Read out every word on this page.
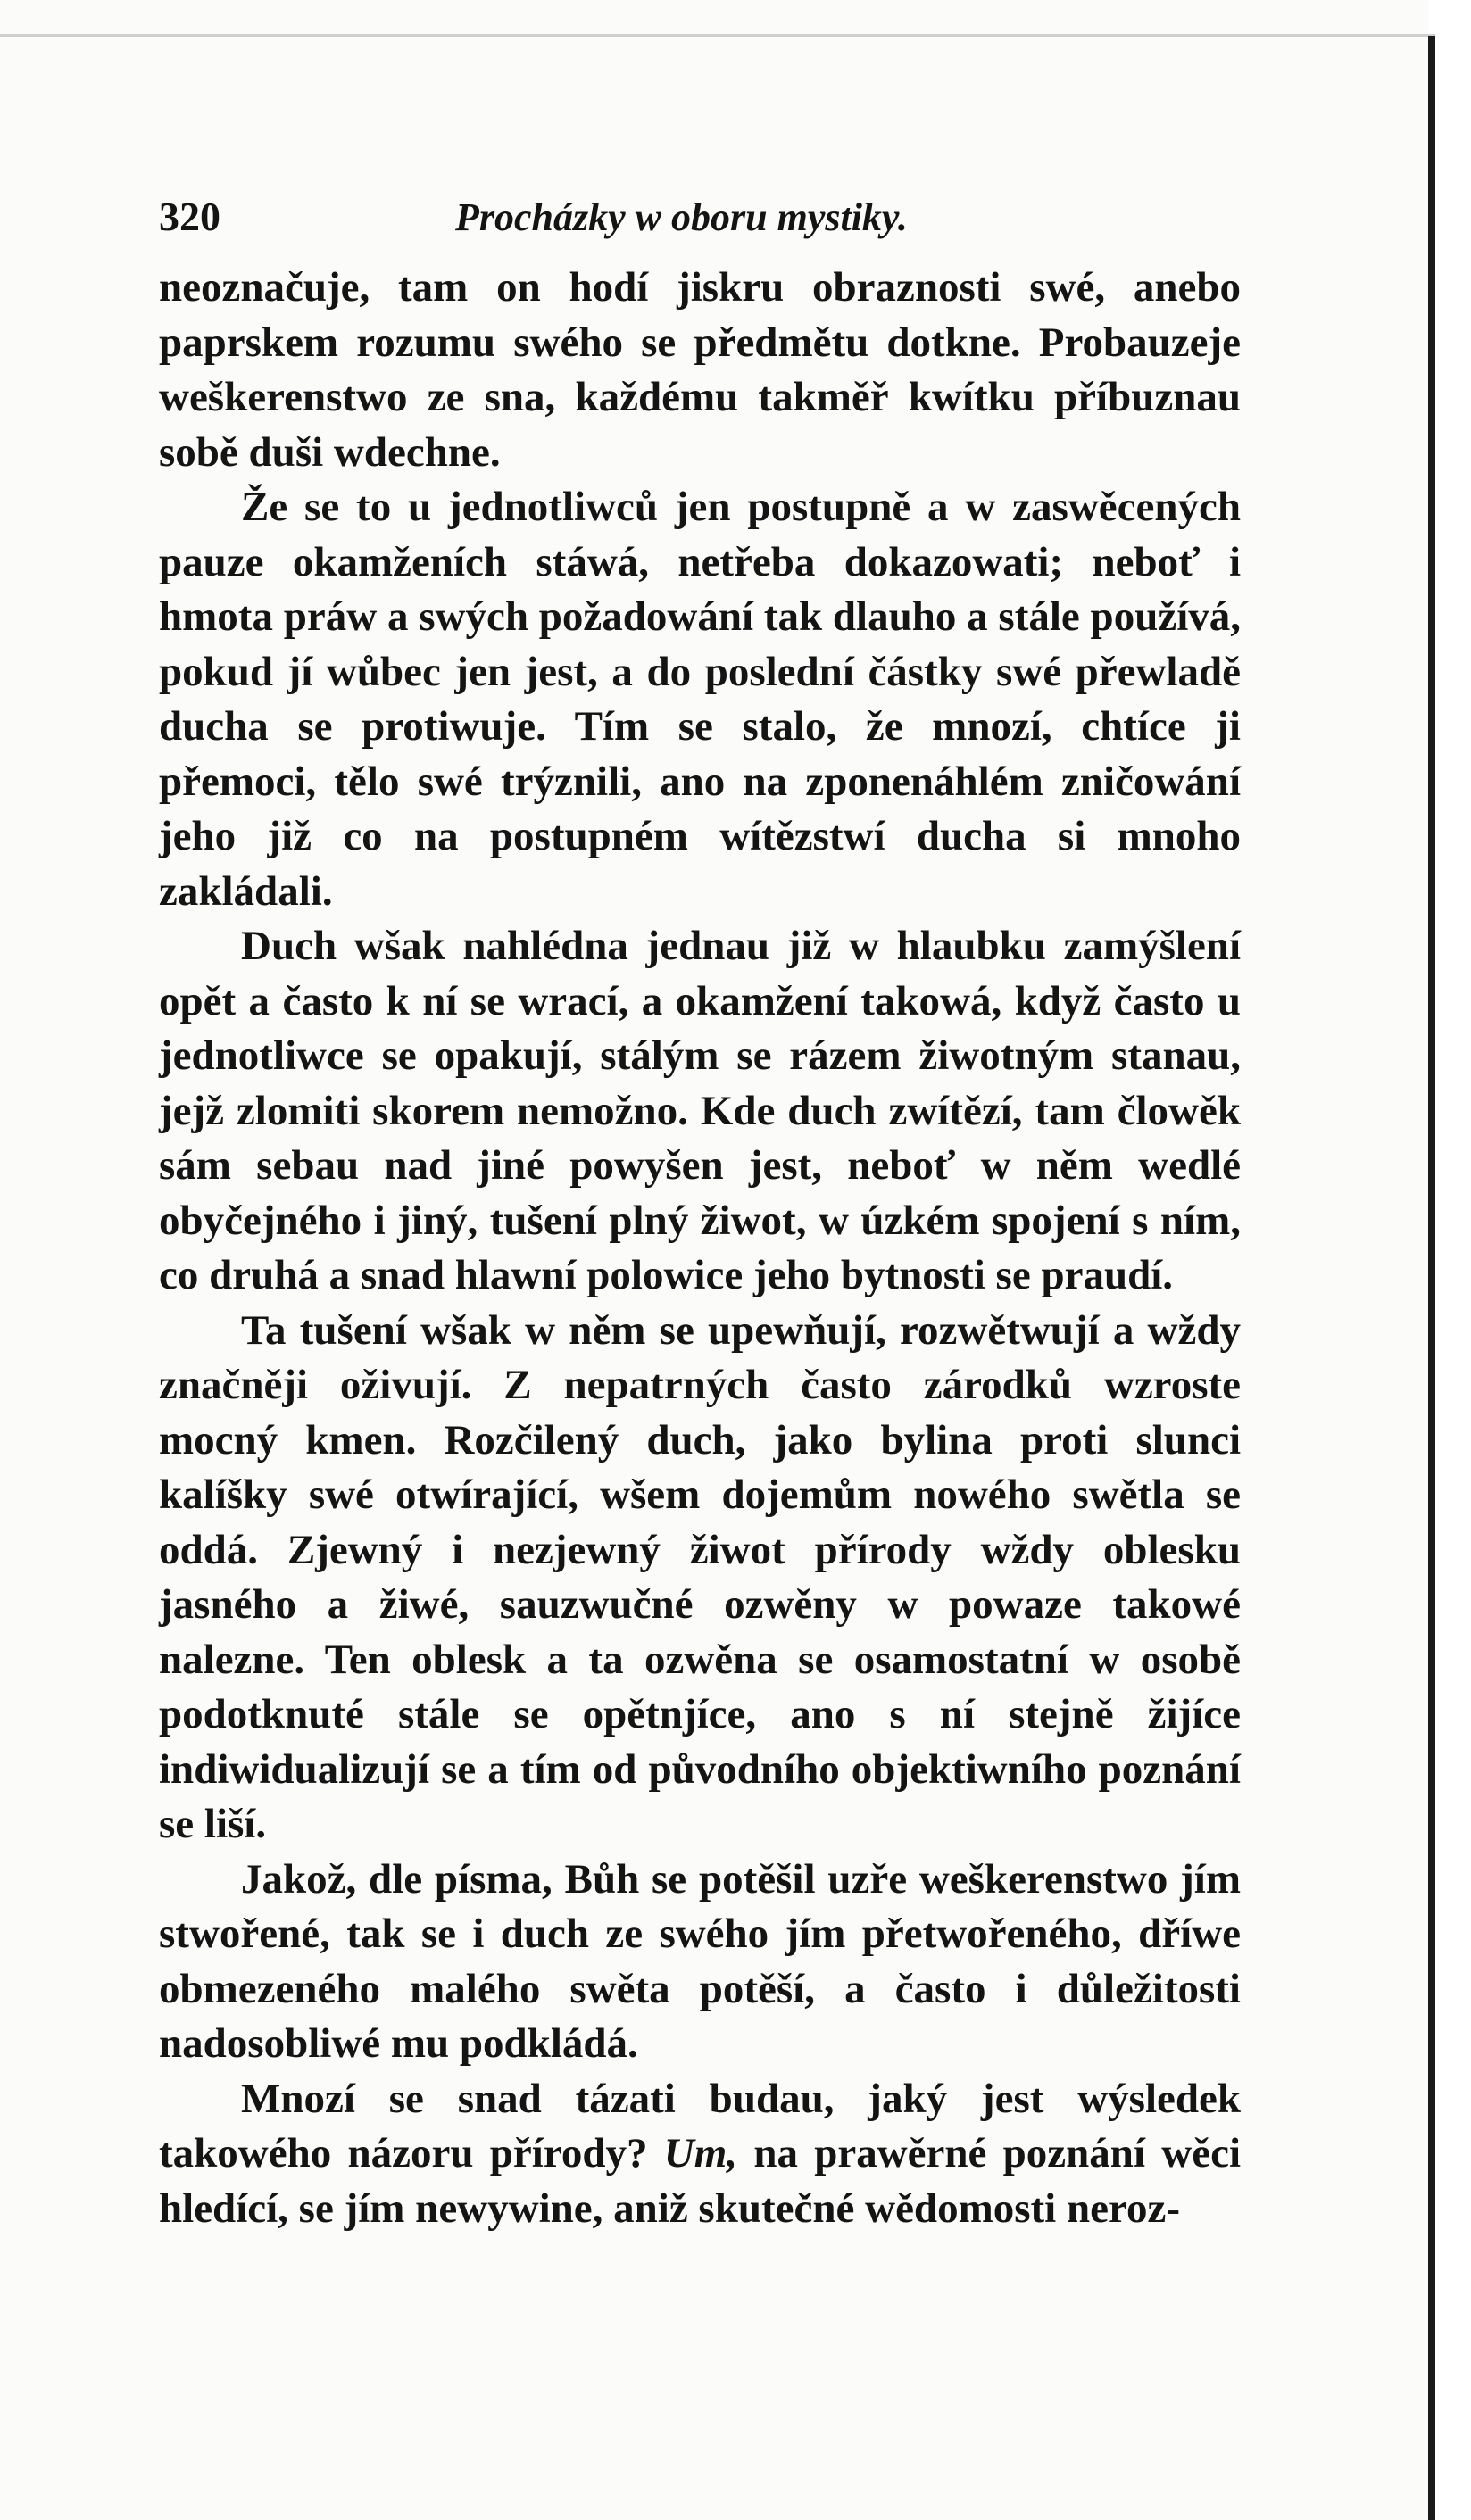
320	Procházky w oboru mystiky.

neoznačuje, tam on hodí jiskru obraznosti swé, anebo paprskem rozumu swého se předmětu dotkne. Probauzeje weškerenstwo ze sna, každému takměř kwítku příbuznau sobě duši wdechne.

Že se to u jednotliwců jen postupně a w zaswěcených pauze okamženích stáwá, netřeba dokazowati; neboť i hmota práw a swých požadowání tak dlauho a stále používá, pokud jí wůbec jen jest, a do poslední částky swé přewladě ducha se protiwuje. Tím se stalo, že mnozí, chtíce ji přemoci, tělo swé trýznili, ano na zponenáhlém zničowání jeho již co na postupném wítězstwí ducha si mnoho zakládali.

Duch wšak nahlédna jednau již w hlaubku zamýšlení opět a často k ní se wrací, a okamžení takowá, když často u jednotliwce se opakují, stálým se rázem žiwotným stanau, jejž zlomiti skorem nemožno. Kde duch zwítězí, tam člowěk sám sebau nad jiné powyšen jest, neboť w něm wedlé obyčejného i jiný, tušení plný žiwot, w úzkém spojení s ním, co druhá a snad hlawní polowice jeho bytnosti se praudí.

Ta tušení wšak w něm se upewňují, rozwětwují a wždy značněji oživují. Z nepatrných často zárodků wzroste mocný kmen. Rozčilený duch, jako bylina proti slunci kalíšky swé otwírající, wšem dojemům nowého swětla se oddá. Zjewný i nezjewný žiwot přírody wždy oblesku jasného a žiwé, sauzwučné ozwěny w powaze takowé nalezne. Ten oblesk a ta ozwěna se osamostatní w osobě podotknuté stále se opětnjíce, ano s ní stejně žijíce indiwidualizují se a tím od původního objektiwního poznání se liší.

Jakož, dle písma, Bůh se potěšil uzře weškerenstwo jím stwořené, tak se i duch ze swého jím přetwořeného, dříwe obmezeného malého swěta potěší, a často i důležitosti nadosobliwé mu podkládá.

Mnozí se snad tázati budau, jaký jest wýsledek takowého názoru přírody? Um, na prawěrné poznání wěci hledící, se jím newywine, aniž skutečné wědomosti neroz-
